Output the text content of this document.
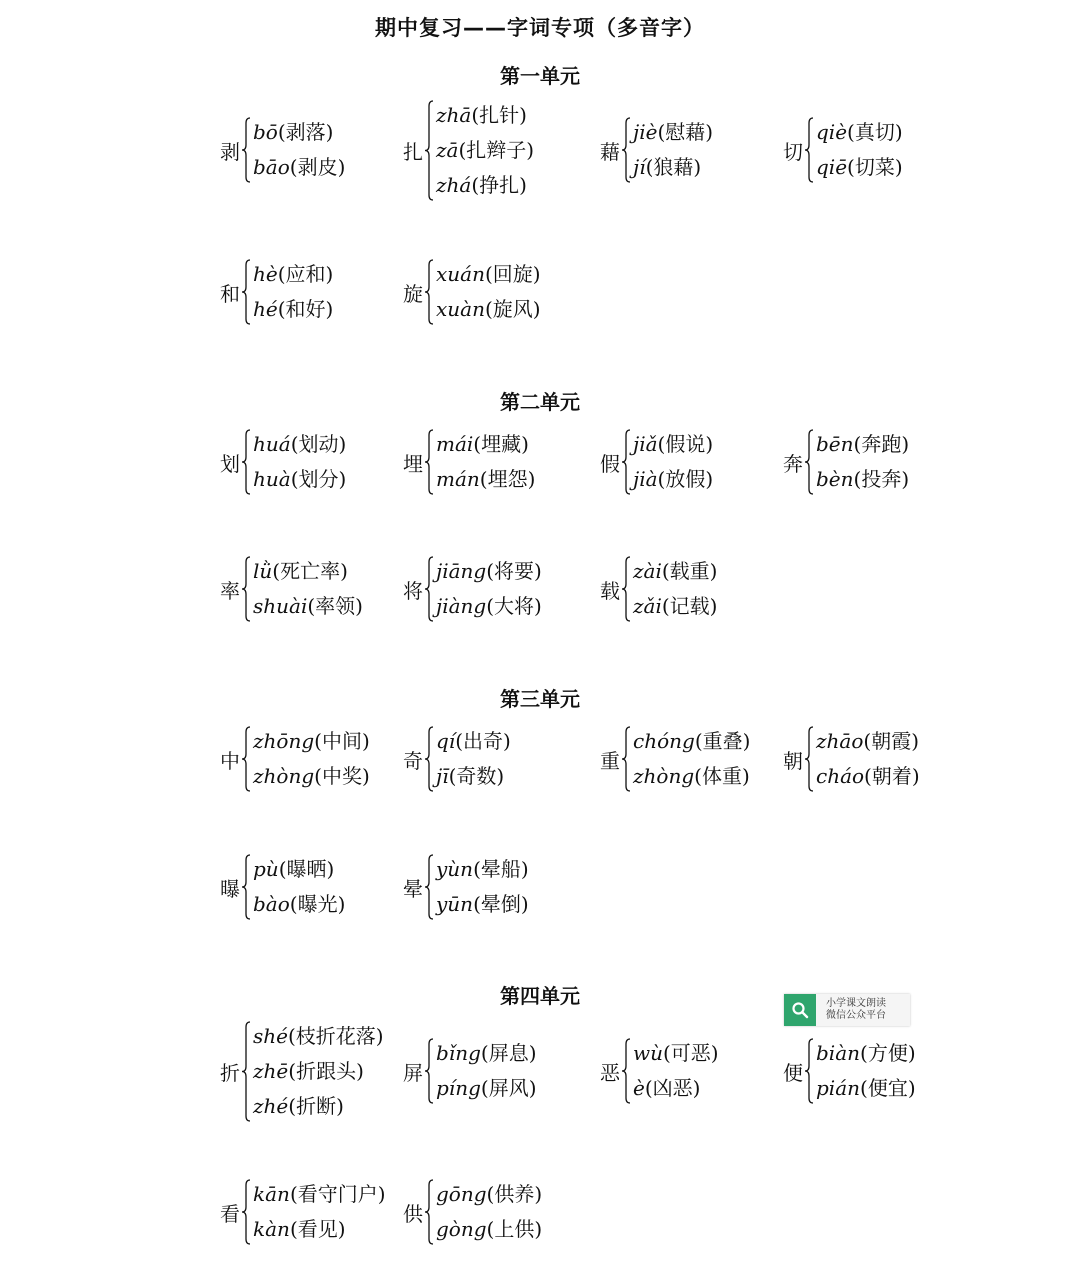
期中复习——字词专项（多音字）
第一单元
剥
bō(剥落)
bāo(剥皮)
扎
zhā(扎针)
zā(扎辫子)
zhá(挣扎)
藉
jiè(慰藉)
jí(狼藉)
切
qiè(真切)
qiē(切菜)
和
hè(应和)
hé(和好)
旋
xuán(回旋)
xuàn(旋风)
第二单元
划
huá(划动)
huà(划分)
埋
mái(埋藏)
mán(埋怨)
假
jiǎ(假说)
jià(放假)
奔
bēn(奔跑)
bèn(投奔)
率
lǜ(死亡率)
shuài(率领)
将
jiāng(将要)
jiàng(大将)
载
zài(载重)
zǎi(记载)
第三单元
中
zhōng(中间)
zhòng(中奖)
奇
qí(出奇)
jī(奇数)
重
chóng(重叠)
zhòng(体重)
朝
zhāo(朝霞)
cháo(朝着)
曝
pù(曝晒)
bào(曝光)
晕
yùn(晕船)
yūn(晕倒)
第四单元
折
shé(枝折花落)
zhē(折跟头)
zhé(折断)
屏
bǐng(屏息)
píng(屏风)
恶
wù(可恶)
è(凶恶)
便
biàn(方便)
pián(便宜)
看
kān(看守门户)
kàn(看见)
供
gōng(供养)
gòng(上供)
小学课文朗读
微信公众平台
